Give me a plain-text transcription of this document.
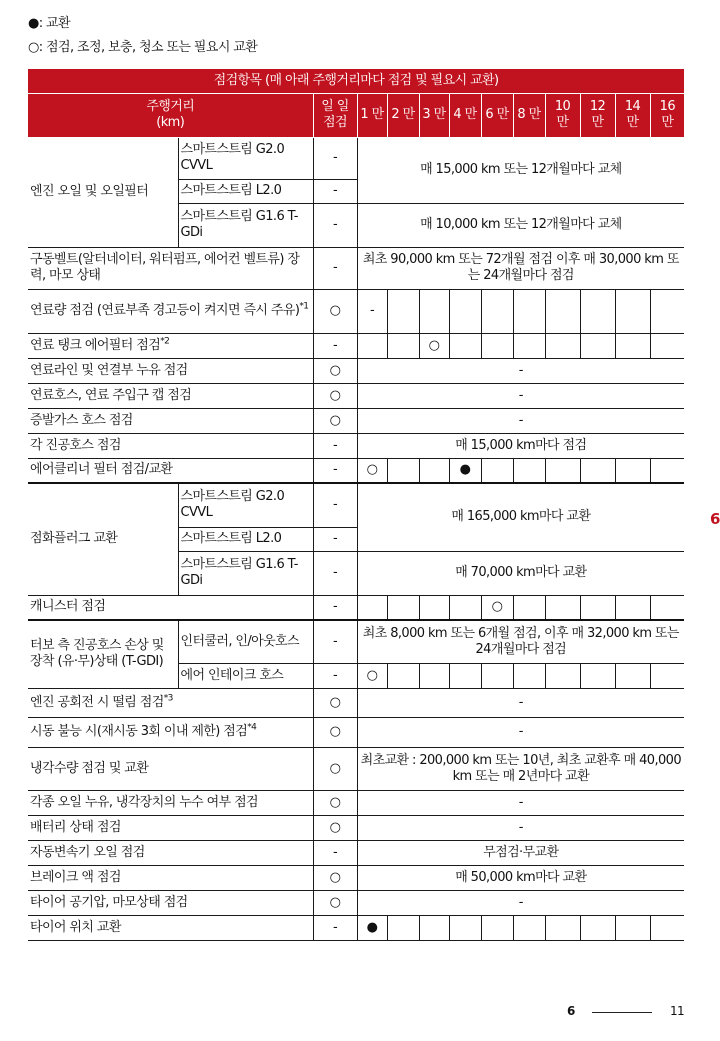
●: 교환
○: 점검, 조정, 보충, 청소 또는 필요시 교환
점검항목 (매 아래 주행거리마다 점검 및 필요시 교환)												
주행거리
(km)		일 일 점검	1 만	2 만	3 만	4 만	6 만	8 만	10 만	12 만	14 만	16 만
엔진 오일 및 오일필터	스마트스트림 G2.0 CVVL	-	매 15,000 km 또는 12개월마다 교체									
	스마트스트림 L2.0	-										
	스마트스트림 G1.6 T-GDi	-	매 10,000 km 또는 12개월마다 교체									
구동벨트(알터네이터, 워터펌프, 에어컨 벨트류) 장력, 마모 상태		-	최초 90,000 km 또는 72개월 점검 이후 매 30,000 km 또는 24개월마다 점검									
연료량 점검 (연료부족 경고등이 켜지면 즉시 주유)$^{*1}$		○	-									
연료 탱크 에어필터 점검$^{*2}$		-			○							
연료라인 및 연결부 누유 점검		○	-									
연료호스, 연료 주입구 캡 점검		○	-									
증발가스 호스 점검		○	-									
각 진공호스 점검		-	매 15,000 km마다 점검									
에어클리너 필터 점검/교환		-	○			●						
점화플러그 교환	스마트스트림 G2.0 CVVL	-	매 165,000 km마다 교환									
	스마트스트림 L2.0	-										
	스마트스트림 G1.6 T-GDi	-	매 70,000 km마다 교환									
캐니스터 점검		-					○					
터보 측 진공호스 손상 및 장착 (유·무)상태 (T-GDI)	인터쿨러, 인/아웃호스	-	최초 8,000 km 또는 6개월 점검, 이후 매 32,000 km 또는 24개월마다 점검									
	에어 인테이크 호스	-	○									
엔진 공회전 시 떨림 점검$^{*3}$		○	-									
시동 불능 시(재시동 3회 이내 제한) 점검$^{*4}$		○	-									
냉각수량 점검 및 교환		○	최초교환 : 200,000 km 또는 10년, 최초 교환후 매 40,000 km 또는 매 2년마다 교환									
각종 오일 누유, 냉각장치의 누수 여부 점검		○	-									
배터리 상태 점검		○	-									
자동변속기 오일 점검		-	무점검·무교환									
브레이크 액 점검		○	매 50,000 km마다 교환									
타이어 공기압, 마모상태 점검		○	-									
타이어 위치 교환		-	●									
6
6	11
